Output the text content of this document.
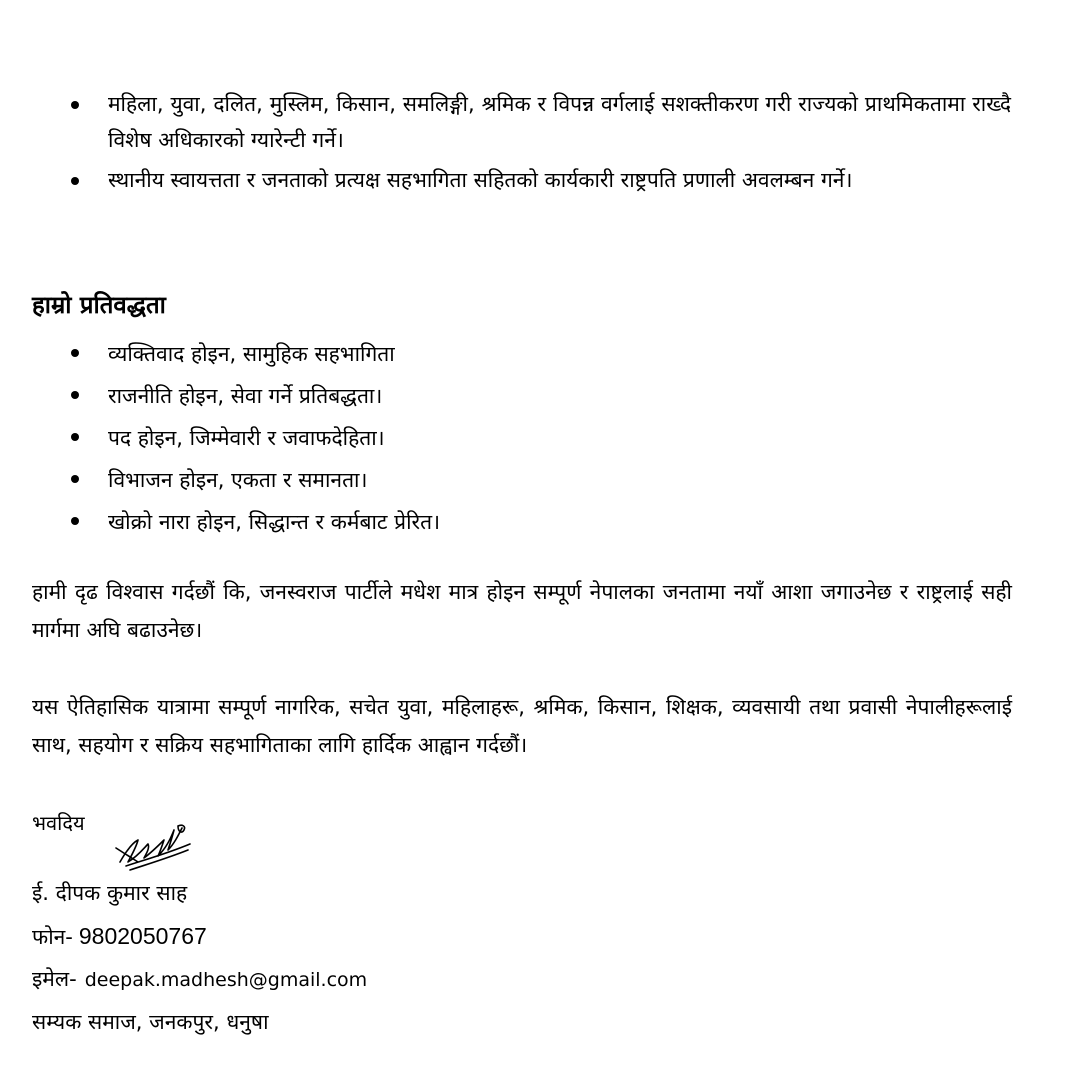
महिला, युवा, दलित, मुस्लिम, किसान, समलिङ्गी, श्रमिक र विपन्न वर्गलाई सशक्तीकरण गरी राज्यको प्राथमिकतामा राख्दै विशेष अधिकारको ग्यारेन्टी गर्ने।
स्थानीय स्वायत्तता र जनताको प्रत्यक्ष सहभागिता सहितको कार्यकारी राष्ट्रपति प्रणाली अवलम्बन गर्ने।
हाम्रो प्रतिवद्धता
व्यक्तिवाद होइन, सामुहिक सहभागिता
राजनीति होइन, सेवा गर्ने प्रतिबद्धता।
पद होइन, जिम्मेवारी र जवाफदेहिता।
विभाजन होइन, एकता र समानता।
खोक्रो नारा होइन, सिद्धान्त र कर्मबाट प्रेरित।

हामी दृढ विश्वास गर्दछौं कि, जनस्वराज पार्टीले मधेश मात्र होइन सम्पूर्ण नेपालका जनतामा नयाँ आशा जगाउनेछ र राष्ट्रलाई सही मार्गमा अघि बढाउनेछ।

यस ऐतिहासिक यात्रामा सम्पूर्ण नागरिक, सचेत युवा, महिलाहरू, श्रमिक, किसान, शिक्षक, व्यवसायी तथा प्रवासी नेपालीहरूलाई साथ, सहयोग र सक्रिय सहभागिताका लागि हार्दिक आह्वान गर्दछौं।

भवदिय

ई. दीपक कुमार साह

फोन- 9802050767

इमेल- deepak.madhesh@gmail.com

सम्यक समाज, जनकपुर, धनुषा
